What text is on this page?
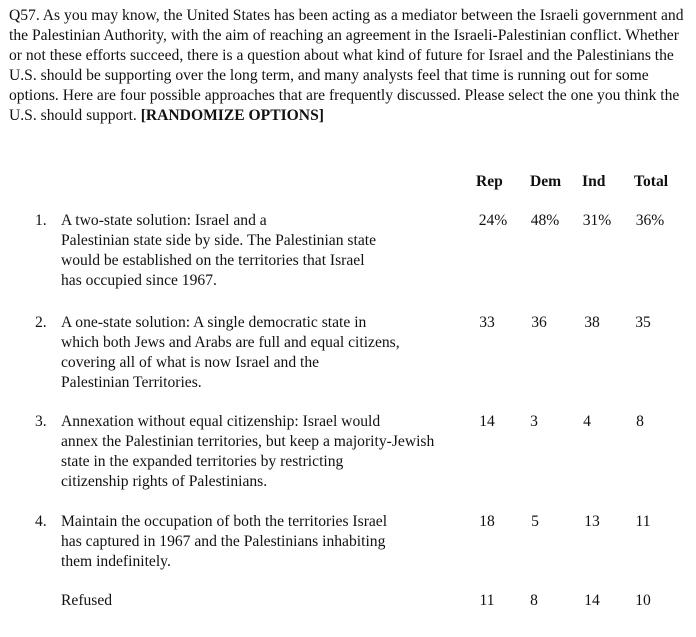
Q57. As you may know, the United States has been acting as a mediator between the Israeli government and the Palestinian Authority, with the aim of reaching an agreement in the Israeli-Palestinian conflict. Whether or not these efforts succeed, there is a question about what kind of future for Israel and the Palestinians the U.S. should be supporting over the long term, and many analysts feel that time is running out for some options. Here are four possible approaches that are frequently discussed. Please select the one you think the U.S. should support. [RANDOMIZE OPTIONS]

Rep Dem Ind Total
1. A two-state solution: Israel and a
Palestinian state side by side. The Palestinian state
would be established on the territories that Israel
has occupied since 1967.
24%	48%	31%	36%
2. A one-state solution: A single democratic state in
which both Jews and Arabs are full and equal citizens,
covering all of what is now Israel and the
Palestinian Territories.
33	36	38	35
3. Annexation without equal citizenship: Israel would
annex the Palestinian territories, but keep a majority-Jewish
state in the expanded territories by restricting
citizenship rights of Palestinians.
14	3	4	8
4. Maintain the occupation of both the territories Israel
has captured in 1967 and the Palestinians inhabiting
them indefinitely.
18	5	13	11
Refused	11	8	14	10
